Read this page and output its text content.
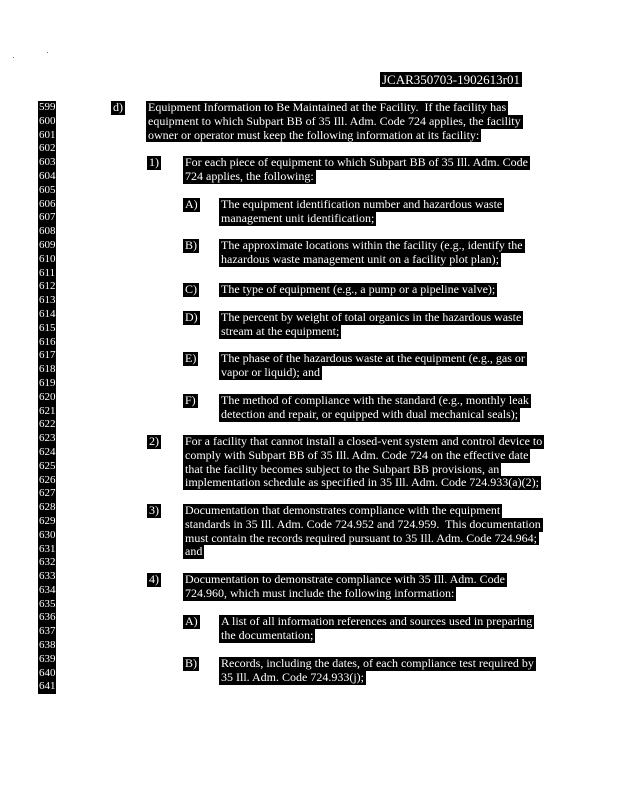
JCAR350703-1902613r01
599
600
601
602
603
604
605
606
607
608
609
610
611
612
613
614
615
616
617
618
619
620
621
622
623
624
625
626
627
628
629
630
631
632
633
634
635
636
637
638
639
640
641
d) Equipment Information to Be Maintained at the Facility.  If the facility has
equipment to which Subpart BB of 35 Ill. Adm. Code 724 applies, the facility
owner or operator must keep the following information at its facility:
1) For each piece of equipment to which Subpart BB of 35 Ill. Adm. Code
724 applies, the following:
A) The equipment identification number and hazardous waste
management unit identification;
B) The approximate locations within the facility (e.g., identify the
hazardous waste management unit on a facility plot plan);
C) The type of equipment (e.g., a pump or a pipeline valve);
D) The percent by weight of total organics in the hazardous waste
stream at the equipment;
E) The phase of the hazardous waste at the equipment (e.g., gas or
vapor or liquid); and
F) The method of compliance with the standard (e.g., monthly leak
detection and repair, or equipped with dual mechanical seals);
2) For a facility that cannot install a closed-vent system and control device to
comply with Subpart BB of 35 Ill. Adm. Code 724 on the effective date
that the facility becomes subject to the Subpart BB provisions, an
implementation schedule as specified in 35 Ill. Adm. Code 724.933(a)(2);
3) Documentation that demonstrates compliance with the equipment
standards in 35 Ill. Adm. Code 724.952 and 724.959.  This documentation
must contain the records required pursuant to 35 Ill. Adm. Code 724.964;
and
4) Documentation to demonstrate compliance with 35 Ill. Adm. Code
724.960, which must include the following information:
A) A list of all information references and sources used in preparing
the documentation;
B) Records, including the dates, of each compliance test required by
35 Ill. Adm. Code 724.933(j);
